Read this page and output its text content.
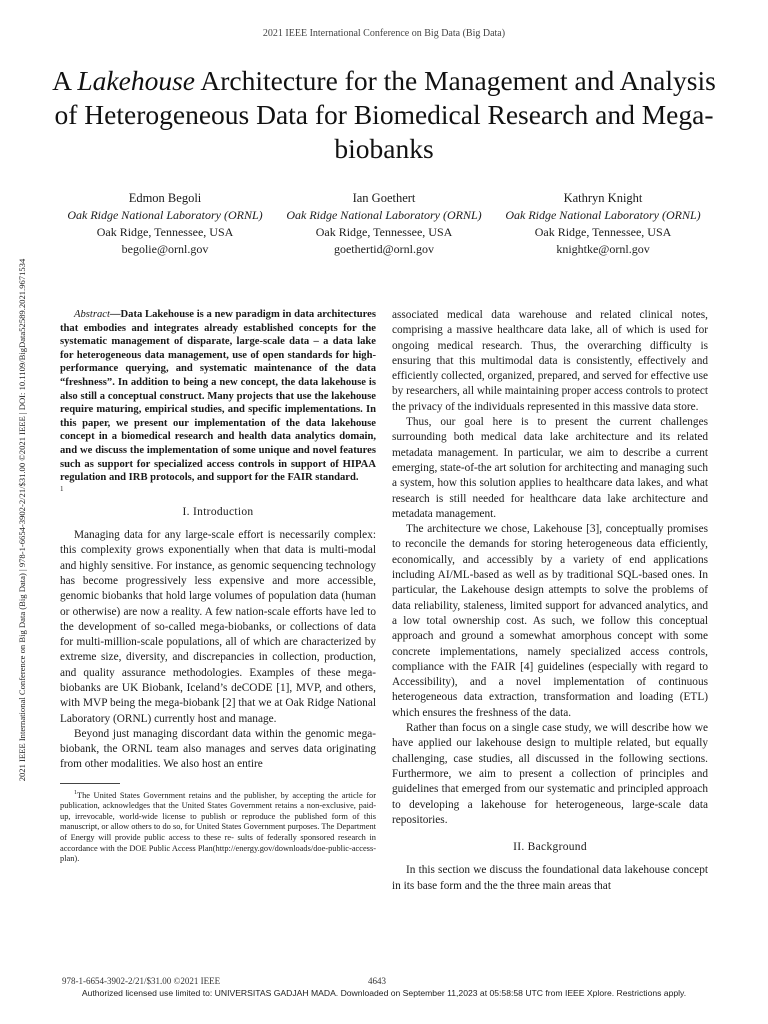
2021 IEEE International Conference on Big Data (Big Data)
2021 IEEE International Conference on Big Data (Big Data) | 978-1-6654-3902-2/21/$31.00 ©2021 IEEE | DOI: 10.1109/BigData52589.2021.9671534
A Lakehouse Architecture for the Management and Analysis of Heterogeneous Data for Biomedical Research and Mega-biobanks
Edmon Begoli
Oak Ridge National Laboratory (ORNL)
Oak Ridge, Tennessee, USA
begolie@ornl.gov
Ian Goethert
Oak Ridge National Laboratory (ORNL)
Oak Ridge, Tennessee, USA
goethertid@ornl.gov
Kathryn Knight
Oak Ridge National Laboratory (ORNL)
Oak Ridge, Tennessee, USA
knightke@ornl.gov

Abstract—Data Lakehouse is a new paradigm in data architectures that embodies and integrates already established concepts for the systematic management of disparate, large-scale data – a data lake for heterogeneous data management, use of open standards for high-performance querying, and systematic maintenance of the data “freshness”. In addition to being a new concept, the data lakehouse is also still a conceptual construct. Many projects that use the lakehouse require maturing, empirical studies, and specific implementations. In this paper, we present our implementation of the data lakehouse concept in a biomedical research and health data analytics domain, and we discuss the implementation of some unique and novel features such as support for specialized access controls in support of HIPAA regulation and IRB protocols, and support for the FAIR standard.

1
I. Introduction

Managing data for any large-scale effort is necessarily complex: this complexity grows exponentially when that data is multi-modal and highly sensitive. For instance, as genomic sequencing technology has become progressively less expensive and more accessible, genomic biobanks that hold large volumes of population data (human or otherwise) are now a reality. A few nation-scale efforts have led to the development of so-called mega-biobanks, or collections of data for multi-million-scale populations, all of which are characterized by extreme size, diversity, and discrepancies in collection, production, and quality assurance methodologies. Examples of these mega-biobanks are UK Biobank, Iceland’s deCODE [1], MVP, and others, with MVP being the mega-biobank [2] that we at Oak Ridge National Laboratory (ORNL) currently host and manage.

Beyond just managing discordant data within the genomic mega-biobank, the ORNL team also manages and serves data originating from other modalities. We also host an entire

$^1$The United States Government retains and the publisher, by accepting the article for publication, acknowledges that the United States Government retains a non-exclusive, paid- up, irrevocable, world-wide license to publish or reproduce the published form of this manuscript, or allow others to do so, for United States Government purposes. The Department of Energy will provide public access to these re- sults of federally sponsored research in accordance with the DOE Public Access Plan(http://energy.gov/downloads/doe-public-access-plan).

associated medical data warehouse and related clinical notes, comprising a massive healthcare data lake, all of which is used for ongoing medical research. Thus, the overarching difficulty is ensuring that this multimodal data is consistently, effectively and efficiently collected, organized, prepared, and served for effective use by researchers, all while maintaining proper access controls to protect the privacy of the individuals represented in this massive data store.

Thus, our goal here is to present the current challenges surrounding both medical data lake architecture and its related metadata management. In particular, we aim to describe a current emerging, state-of-the art solution for architecting and managing such a system, how this solution applies to healthcare data lakes, and what research is still needed for healthcare data lake architecture and metadata management.

The architecture we chose, Lakehouse [3], conceptually promises to reconcile the demands for storing heterogeneous data efficiently, economically, and accessibly by a variety of end applications including AI/ML-based as well as by traditional SQL-based ones. In particular, the Lakehouse design attempts to solve the problems of data reliability, staleness, limited support for advanced analytics, and a low total ownership cost. As such, we follow this conceptual approach and ground a somewhat amorphous concept with some concrete implementations, namely specialized access controls, compliance with the FAIR [4] guidelines (especially with regard to Accessibility), and a novel implementation of continuous heterogeneous data extraction, transformation and loading (ETL) which ensures the freshness of the data.

Rather than focus on a single case study, we will describe how we have applied our lakehouse design to multiple related, but equally challenging, case studies, all discussed in the following sections. Furthermore, we aim to present a collection of principles and guidelines that emerged from our systematic and principled approach to developing a lakehouse for heterogeneous, large-scale data repositories.

II. Background

In this section we discuss the foundational data lakehouse concept in its base form and the the three main areas that

978-1-6654-3902-2/21/$31.00 ©2021 IEEE	4643
Authorized licensed use limited to: UNIVERSITAS GADJAH MADA. Downloaded on September 11,2023 at 05:58:58 UTC from IEEE Xplore. Restrictions apply.
